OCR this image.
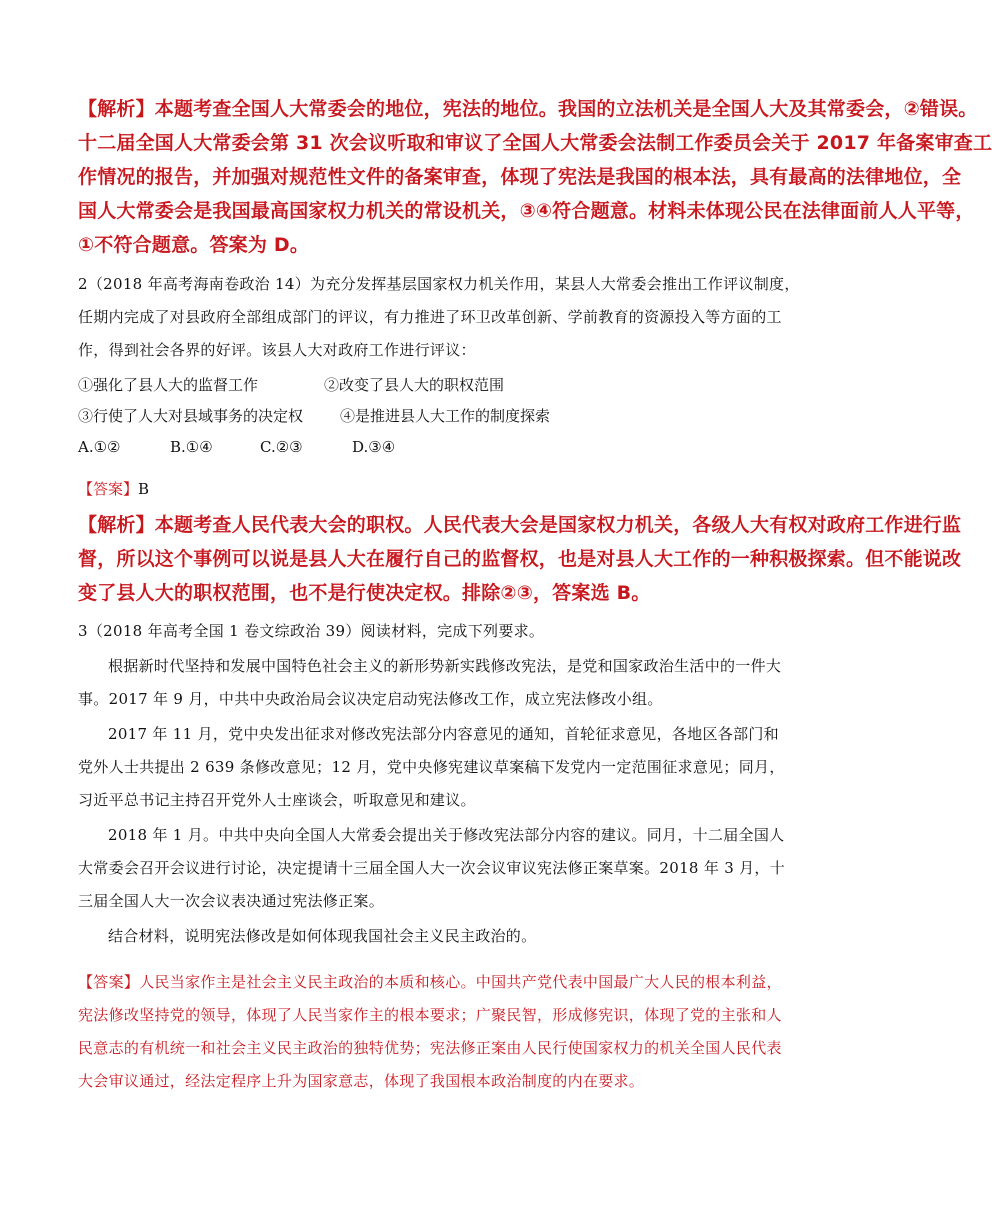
【解析】本题考查全国人大常委会的地位，宪法的地位。我国的立法机关是全国人大及其常委会，②错误。
十二届全国人大常委会第 31 次会议听取和审议了全国人大常委会法制工作委员会关于 2017 年备案审查工
作情况的报告，并加强对规范性文件的备案审查，体现了宪法是我国的根本法，具有最高的法律地位，全
国人大常委会是我国最高国家权力机关的常设机关，③④符合题意。材料未体现公民在法律面前人人平等，
①不符合题意。答案为 D。
2（2018 年高考海南卷政治 14）为充分发挥基层国家权力机关作用，某县人大常委会推出工作评议制度，
任期内完成了对县政府全部组成部门的评议，有力推进了环卫改革创新、学前教育的资源投入等方面的工
作，得到社会各界的好评。该县人大对政府工作进行评议：
①强化了县人大的监督工作	②改变了县人大的职权范围
③行使了人大对县域事务的决定权 ④是推进县人大工作的制度探索
A.①②	B.①④	C.②③	D.③④
【答案】B
【解析】本题考查人民代表大会的职权。人民代表大会是国家权力机关，各级人大有权对政府工作进行监
督，所以这个事例可以说是县人大在履行自己的监督权，也是对县人大工作的一种积极探索。但不能说改
变了县人大的职权范围，也不是行使决定权。排除②③，答案选 B。
3（2018 年高考全国 1 卷文综政治 39）阅读材料，完成下列要求。

根据新时代坚持和发展中国特色社会主义的新形势新实践修改宪法，是党和国家政治生活中的一件大事。2017 年 9 月，中共中央政治局会议决定启动宪法修改工作，成立宪法修改小组。

2017 年 11 月，党中央发出征求对修改宪法部分内容意见的通知，首轮征求意见，各地区各部门和党外人士共提出 2 639 条修改意见；12 月，党中央修宪建议草案稿下发党内一定范围征求意见；同月，习近平总书记主持召开党外人士座谈会，听取意见和建议。

2018 年 1 月。中共中央向全国人大常委会提出关于修改宪法部分内容的建议。同月，十二届全国人大常委会召开会议进行讨论，决定提请十三届全国人大一次会议审议宪法修正案草案。2018 年 3 月，十三届全国人大一次会议表决通过宪法修正案。

结合材料，说明宪法修改是如何体现我国社会主义民主政治的。

【答案】人民当家作主是社会主义民主政治的本质和核心。中国共产党代表中国最广大人民的根本利益，宪法修改坚持党的领导，体现了人民当家作主的根本要求；广聚民智，形成修宪识，体现了党的主张和人民意志的有机统一和社会主义民主政治的独特优势；宪法修正案由人民行使国家权力的机关全国人民代表大会审议通过，经法定程序上升为国家意志，体现了我国根本政治制度的内在要求。
